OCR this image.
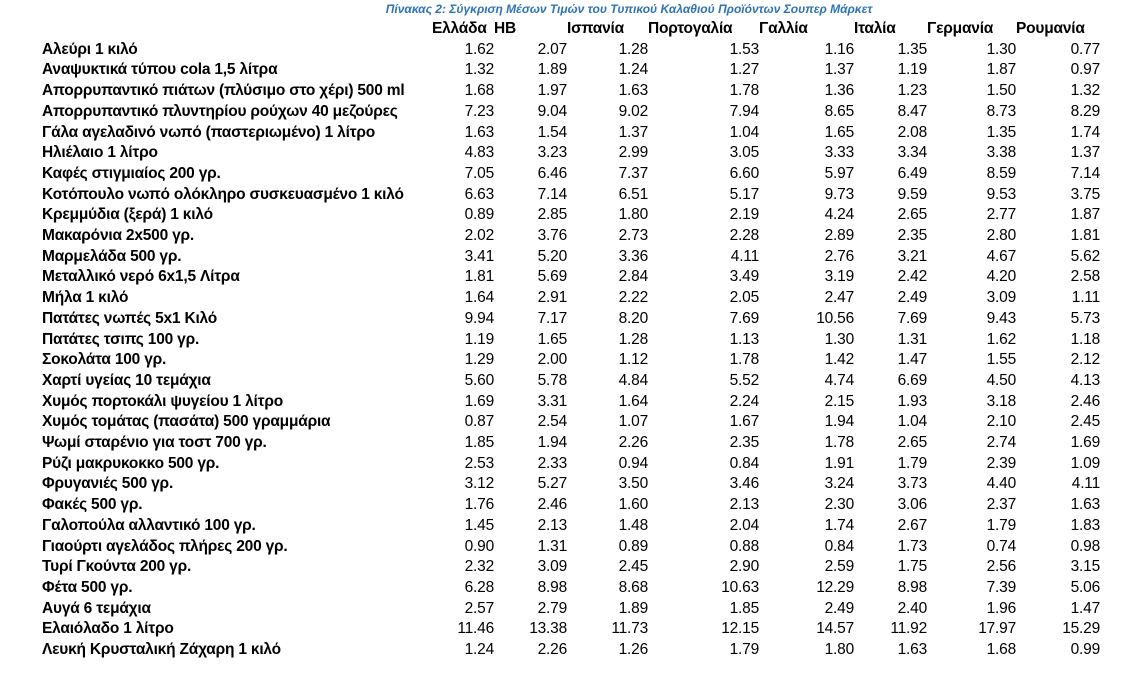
Πίνακας 2: Σύγκριση Μέσων Τιμών του Τυπικού Καλαθιού Προϊόντων Σουπερ Μάρκετ
	Ελλάδα	ΗΒ	Ισπανία	Πορτογαλία	Γαλλία	Ιταλία	Γερμανία	Ρουμανία
Αλεύρι 1 κιλό	1.62	2.07	1.28	1.53	1.16	1.35	1.30	0.77
Αναψυκτικά τύπου cola 1,5 λίτρα	1.32	1.89	1.24	1.27	1.37	1.19	1.87	0.97
Απορρυπαντικό πιάτων (πλύσιμο στο χέρι) 500 ml	1.68	1.97	1.63	1.78	1.36	1.23	1.50	1.32
Απορρυπαντικό πλυντηρίου ρούχων 40 μεζούρες	7.23	9.04	9.02	7.94	8.65	8.47	8.73	8.29
Γάλα αγελαδινό νωπό (παστεριωμένο) 1 λίτρο	1.63	1.54	1.37	1.04	1.65	2.08	1.35	1.74
Ηλιέλαιο 1 λίτρο	4.83	3.23	2.99	3.05	3.33	3.34	3.38	1.37
Καφές στιγμιαίος 200 γρ.	7.05	6.46	7.37	6.60	5.97	6.49	8.59	7.14
Κοτόπουλο νωπό ολόκληρο συσκευασμένο 1 κιλό	6.63	7.14	6.51	5.17	9.73	9.59	9.53	3.75
Κρεμμύδια (ξερά) 1 κιλό	0.89	2.85	1.80	2.19	4.24	2.65	2.77	1.87
Μακαρόνια 2x500 γρ.	2.02	3.76	2.73	2.28	2.89	2.35	2.80	1.81
Μαρμελάδα 500 γρ.	3.41	5.20	3.36	4.11	2.76	3.21	4.67	5.62
Μεταλλικό νερό 6x1,5 Λίτρα	1.81	5.69	2.84	3.49	3.19	2.42	4.20	2.58
Μήλα 1 κιλό	1.64	2.91	2.22	2.05	2.47	2.49	3.09	1.11
Πατάτες νωπές 5x1 Κιλό	9.94	7.17	8.20	7.69	10.56	7.69	9.43	5.73
Πατάτες τσιπς 100 γρ.	1.19	1.65	1.28	1.13	1.30	1.31	1.62	1.18
Σοκολάτα 100 γρ.	1.29	2.00	1.12	1.78	1.42	1.47	1.55	2.12
Χαρτί υγείας 10 τεμάχια	5.60	5.78	4.84	5.52	4.74	6.69	4.50	4.13
Χυμός πορτοκάλι ψυγείου 1 λίτρο	1.69	3.31	1.64	2.24	2.15	1.93	3.18	2.46
Χυμός τομάτας (πασάτα) 500 γραμμάρια	0.87	2.54	1.07	1.67	1.94	1.04	2.10	2.45
Ψωμί σταρένιο για τοστ 700 γρ.	1.85	1.94	2.26	2.35	1.78	2.65	2.74	1.69
Ρύζι μακρυκοκκο 500 γρ.	2.53	2.33	0.94	0.84	1.91	1.79	2.39	1.09
Φρυγανιές 500 γρ.	3.12	5.27	3.50	3.46	3.24	3.73	4.40	4.11
Φακές 500 γρ.	1.76	2.46	1.60	2.13	2.30	3.06	2.37	1.63
Γαλοπούλα αλλαντικό 100 γρ.	1.45	2.13	1.48	2.04	1.74	2.67	1.79	1.83
Γιαούρτι αγελάδος πλήρες 200 γρ.	0.90	1.31	0.89	0.88	0.84	1.73	0.74	0.98
Τυρί Γκούντα 200 γρ.	2.32	3.09	2.45	2.90	2.59	1.75	2.56	3.15
Φέτα 500 γρ.	6.28	8.98	8.68	10.63	12.29	8.98	7.39	5.06
Αυγά 6 τεμάχια	2.57	2.79	1.89	1.85	2.49	2.40	1.96	1.47
Ελαιόλαδο 1 λίτρο	11.46	13.38	11.73	12.15	14.57	11.92	17.97	15.29
Λευκή Κρυσταλική Ζάχαρη 1 κιλό	1.24	2.26	1.26	1.79	1.80	1.63	1.68	0.99
